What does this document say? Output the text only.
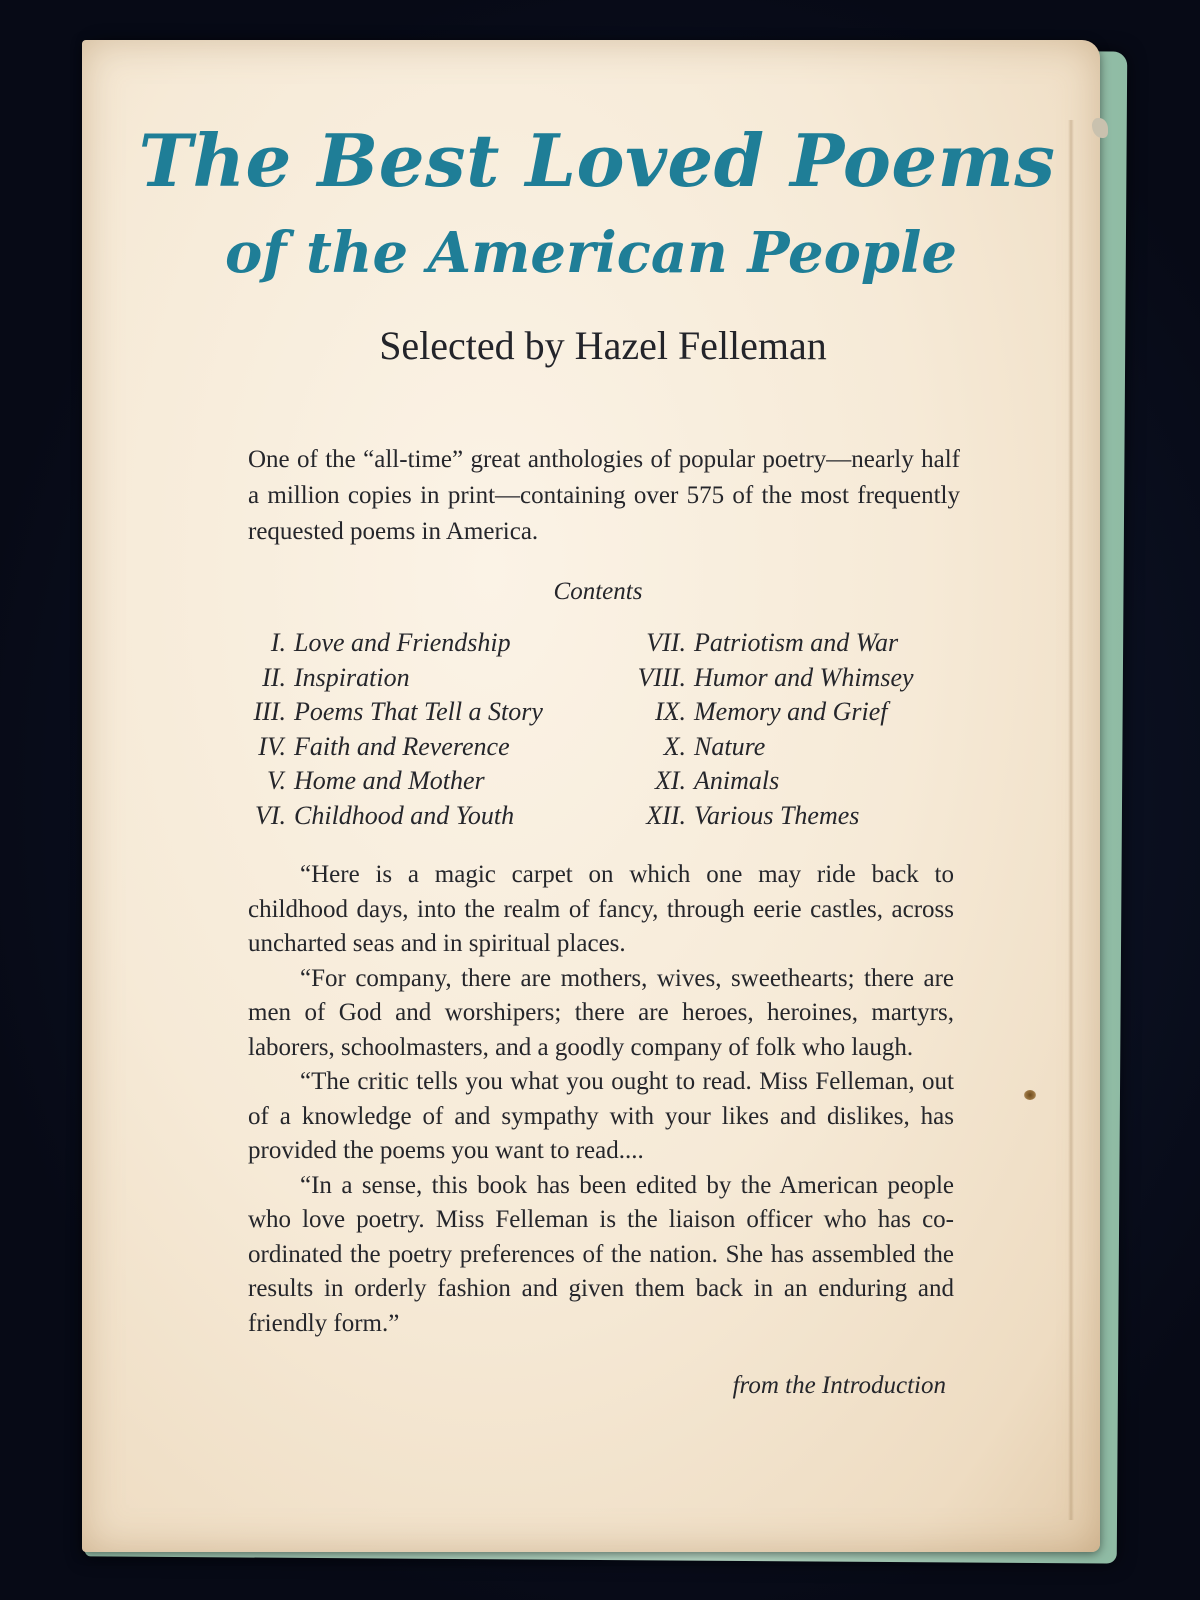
The Best Loved Poems
of the American People
Selected by Hazel Felleman

One of the “all-time” great anthologies of popular poetry—nearly half a million copies in print—containing over 575 of the most frequently requested poems in America.

Contents
I. Love and Friendship
II. Inspiration
III. Poems That Tell a Story
IV. Faith and Reverence
V. Home and Mother
VI. Childhood and Youth
VII. Patriotism and War
VIII. Humor and Whimsey
IX. Memory and Grief
X. Nature
XI. Animals
XII. Various Themes

“Here is a magic carpet on which one may ride back to childhood days, into the realm of fancy, through eerie castles, across uncharted seas and in spiritual places.

“For company, there are mothers, wives, sweethearts; there are men of God and worshipers; there are heroes, heroines, martyrs, laborers, schoolmasters, and a goodly company of folk who laugh.

“The critic tells you what you ought to read. Miss Felleman, out of a knowledge of and sympathy with your likes and dislikes, has provided the poems you want to read....

“In a sense, this book has been edited by the American people who love poetry. Miss Felleman is the liaison officer who has co-ordinated the poetry preferences of the nation. She has assembled the results in orderly fashion and given them back in an enduring and friendly form.”

from the Introduction
